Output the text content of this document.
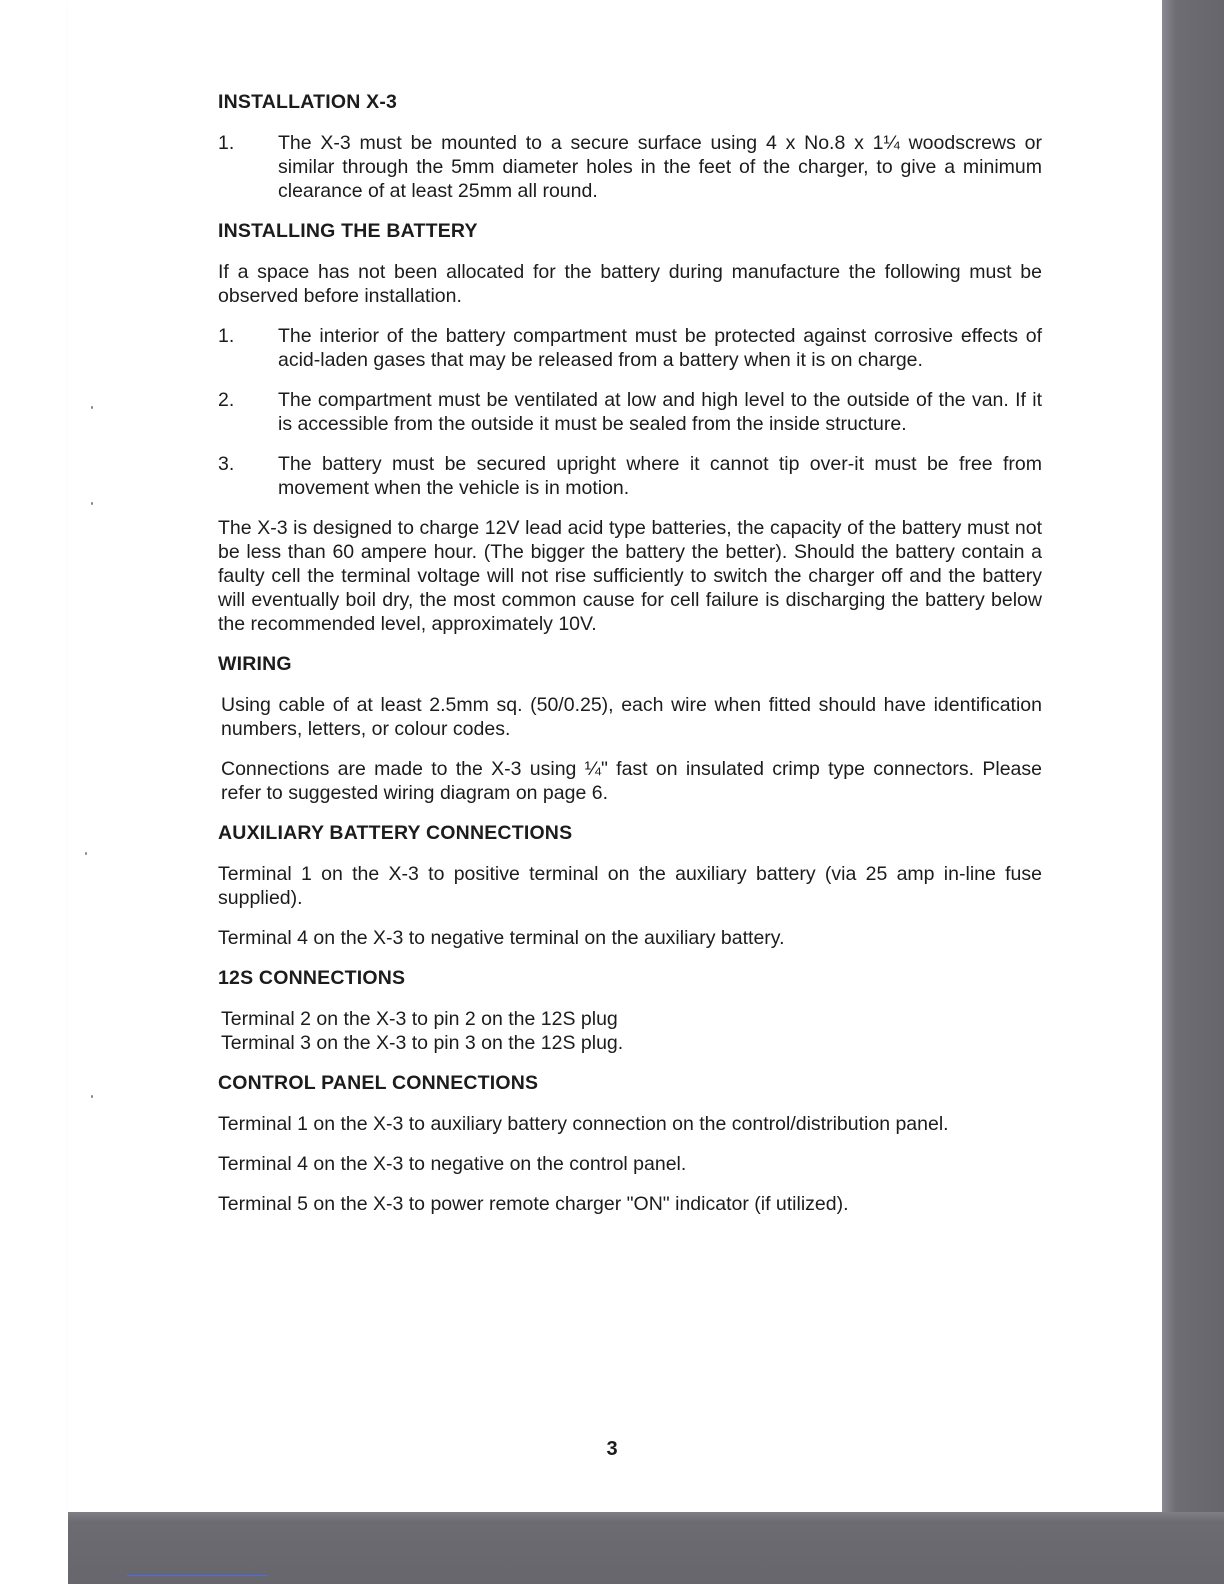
INSTALLATION X-3
1.	The X-3 must be mounted to a secure surface using 4 x No.8 x 1¼ woodscrews or similar through the 5mm diameter holes in the feet of the charger, to give a minimum clearance of at least 25mm all round.
INSTALLING THE BATTERY

If a space has not been allocated for the battery during manufacture the following must be observed before installation.

1.	The interior of the battery compartment must be protected against corrosive effects of acid-laden gases that may be released from a battery when it is on charge.
2.	The compartment must be ventilated at low and high level to the outside of the van. If it is accessible from the outside it must be sealed from the inside structure.
3.	The battery must be secured upright where it cannot tip over-it must be free from movement when the vehicle is in motion.

The X-3 is designed to charge 12V lead acid type batteries, the capacity of the battery must not be less than 60 ampere hour. (The bigger the battery the better). Should the battery contain a faulty cell the terminal voltage will not rise sufficiently to switch the charger off and the battery will eventually boil dry, the most common cause for cell failure is discharging the battery below the recommended level, approximately 10V.

WIRING

Using cable of at least 2.5mm sq. (50/0.25), each wire when fitted should have identification numbers, letters, or colour codes.

Connections are made to the X-3 using ¼" fast on insulated crimp type connectors. Please refer to suggested wiring diagram on page 6.

AUXILIARY BATTERY CONNECTIONS

Terminal 1 on the X-3 to positive terminal on the auxiliary battery (via 25 amp in-line fuse supplied).

Terminal 4 on the X-3 to negative terminal on the auxiliary battery.

12S CONNECTIONS

Terminal 2 on the X-3 to pin 2 on the 12S plug

Terminal 3 on the X-3 to pin 3 on the 12S plug.

CONTROL PANEL CONNECTIONS

Terminal 1 on the X-3 to auxiliary battery connection on the control/distribution panel.

Terminal 4 on the X-3 to negative on the control panel.

Terminal 5 on the X-3 to power remote charger "ON" indicator (if utilized).

3
